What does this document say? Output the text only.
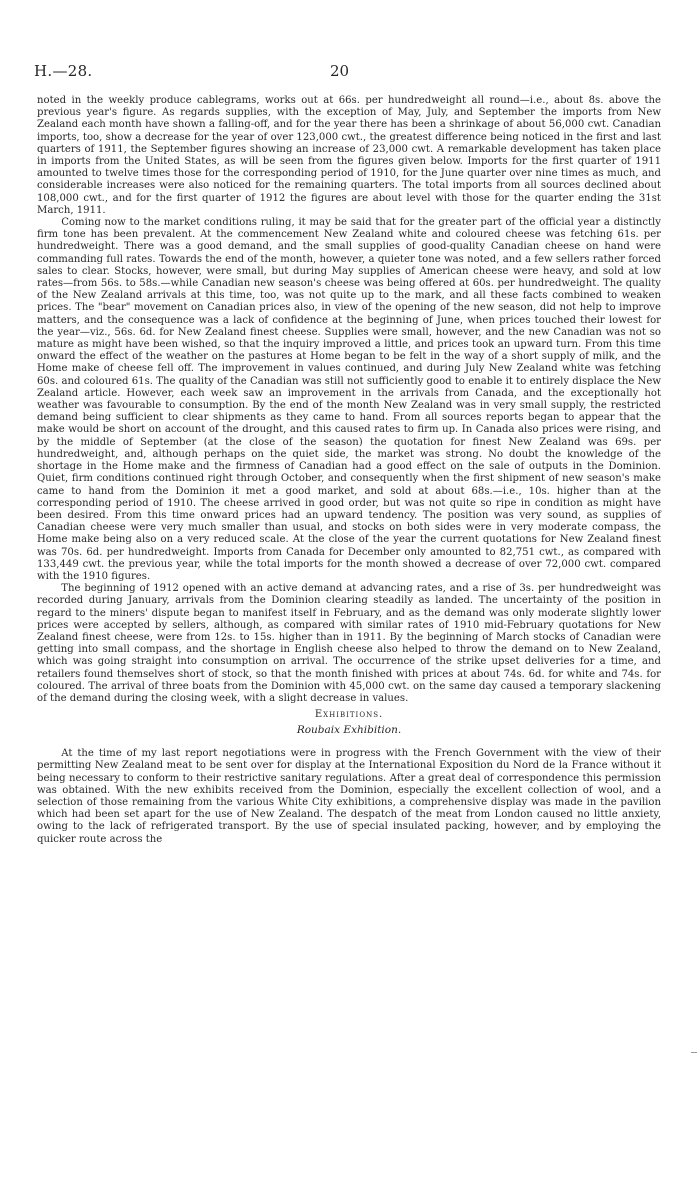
H.—28.	20

noted in the weekly produce cablegrams, works out at 66s. per hundredweight all round—i.e., about 8s. above the previous year's figure. As regards supplies, with the exception of May, July, and September the imports from New Zealand each month have shown a falling-off, and for the year there has been a shrinkage of about 56,000 cwt. Canadian imports, too, show a decrease for the year of over 123,000 cwt., the greatest difference being noticed in the first and last quarters of 1911, the September figures showing an increase of 23,000 cwt. A remarkable development has taken place in imports from the United States, as will be seen from the figures given below. Imports for the first quarter of 1911 amounted to twelve times those for the corresponding period of 1910, for the June quarter over nine times as much, and considerable increases were also noticed for the remaining quarters. The total imports from all sources declined about 108,000 cwt., and for the first quarter of 1912 the figures are about level with those for the quarter ending the 31st March, 1911.

Coming now to the market conditions ruling, it may be said that for the greater part of the official year a distinctly firm tone has been prevalent. At the commencement New Zealand white and coloured cheese was fetching 61s. per hundredweight. There was a good demand, and the small supplies of good-quality Canadian cheese on hand were commanding full rates. Towards the end of the month, however, a quieter tone was noted, and a few sellers rather forced sales to clear. Stocks, however, were small, but during May supplies of American cheese were heavy, and sold at low rates—from 56s. to 58s.—while Canadian new season's cheese was being offered at 60s. per hundredweight. The quality of the New Zealand arrivals at this time, too, was not quite up to the mark, and all these facts combined to weaken prices. The "bear" movement on Canadian prices also, in view of the opening of the new season, did not help to improve matters, and the consequence was a lack of confidence at the beginning of June, when prices touched their lowest for the year—viz., 56s. 6d. for New Zealand finest cheese. Supplies were small, however, and the new Canadian was not so mature as might have been wished, so that the inquiry improved a little, and prices took an upward turn. From this time onward the effect of the weather on the pastures at Home began to be felt in the way of a short supply of milk, and the Home make of cheese fell off. The improvement in values continued, and during July New Zealand white was fetching 60s. and coloured 61s. The quality of the Canadian was still not sufficiently good to enable it to entirely displace the New Zealand article. However, each week saw an improvement in the arrivals from Canada, and the exceptionally hot weather was favourable to consumption. By the end of the month New Zealand was in very small supply, the restricted demand being sufficient to clear shipments as they came to hand. From all sources reports began to appear that the make would be short on account of the drought, and this caused rates to firm up. In Canada also prices were rising, and by the middle of September (at the close of the season) the quotation for finest New Zealand was 69s. per hundredweight, and, although perhaps on the quiet side, the market was strong. No doubt the knowledge of the shortage in the Home make and the firmness of Canadian had a good effect on the sale of outputs in the Dominion. Quiet, firm conditions continued right through October, and consequently when the first shipment of new season's make came to hand from the Dominion it met a good market, and sold at about 68s.—i.e., 10s. higher than at the corresponding period of 1910. The cheese arrived in good order, but was not quite so ripe in condition as might have been desired. From this time onward prices had an upward tendency. The position was very sound, as supplies of Canadian cheese were very much smaller than usual, and stocks on both sides were in very moderate compass, the Home make being also on a very reduced scale. At the close of the year the current quotations for New Zealand finest was 70s. 6d. per hundredweight. Imports from Canada for December only amounted to 82,751 cwt., as compared with 133,449 cwt. the previous year, while the total imports for the month showed a decrease of over 72,000 cwt. compared with the 1910 figures.

The beginning of 1912 opened with an active demand at advancing rates, and a rise of 3s. per hundredweight was recorded during January, arrivals from the Dominion clearing steadily as landed. The uncertainty of the position in regard to the miners' dispute began to manifest itself in February, and as the demand was only moderate slightly lower prices were accepted by sellers, although, as compared with similar rates of 1910 mid-February quotations for New Zealand finest cheese, were from 12s. to 15s. higher than in 1911. By the beginning of March stocks of Canadian were getting into small compass, and the shortage in English cheese also helped to throw the demand on to New Zealand, which was going straight into consumption on arrival. The occurrence of the strike upset deliveries for a time, and retailers found themselves short of stock, so that the month finished with prices at about 74s. 6d. for white and 74s. for coloured. The arrival of three boats from the Dominion with 45,000 cwt. on the same day caused a temporary slackening of the demand during the closing week, with a slight decrease in values.

Exhibitions.

Roubaix Exhibition.

At the time of my last report negotiations were in progress with the French Government with the view of their permitting New Zealand meat to be sent over for display at the International Exposition du Nord de la France without it being necessary to conform to their restrictive sanitary regulations. After a great deal of correspondence this permission was obtained. With the new exhibits received from the Dominion, especially the excellent collection of wool, and a selection of those remaining from the various White City exhibitions, a comprehensive display was made in the pavilion which had been set apart for the use of New Zealand. The despatch of the meat from London caused no little anxiety, owing to the lack of refrigerated transport. By the use of special insulated packing, however, and by employing the quicker route across the
